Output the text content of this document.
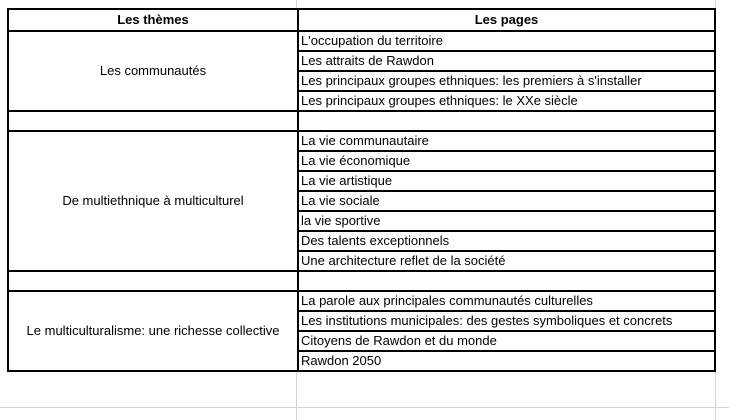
Les thèmes	Les pages
Les communautés	L'occupation du territoire
	Les attraits de Rawdon
	Les principaux groupes ethniques: les premiers à s'installer
	Les principaux groupes ethniques: le XXe siècle

De multiethnique à multiculturel	La vie communautaire
	La vie économique
	La vie artistique
	La vie sociale
	la vie sportive
	Des talents exceptionnels
	Une architecture reflet de la société

Le multiculturalisme: une richesse collective	La parole aux principales communautés culturelles
	Les institutions municipales: des gestes symboliques et concrets
	Citoyens de Rawdon et du monde
	Rawdon 2050
